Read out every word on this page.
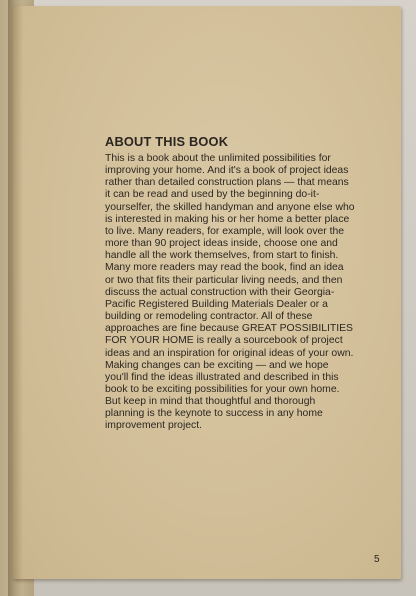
ABOUT THIS BOOK
This is a book about the unlimited possibilities for
improving your home. And it's a book of project ideas
rather than detailed construction plans — that means
it can be read and used by the beginning do-it-
yourselfer, the skilled handyman and anyone else who
is interested in making his or her home a better place
to live. Many readers, for example, will look over the
more than 90 project ideas inside, choose one and
handle all the work themselves, from start to finish.
Many more readers may read the book, find an idea
or two that fits their particular living needs, and then
discuss the actual construction with their Georgia-
Pacific Registered Building Materials Dealer or a
building or remodeling contractor. All of these
approaches are fine because GREAT POSSIBILITIES
FOR YOUR HOME is really a sourcebook of project
ideas and an inspiration for original ideas of your own.
Making changes can be exciting — and we hope
you'll find the ideas illustrated and described in this
book to be exciting possibilities for your own home.
But keep in mind that thoughtful and thorough
planning is the keynote to success in any home
improvement project.
5
